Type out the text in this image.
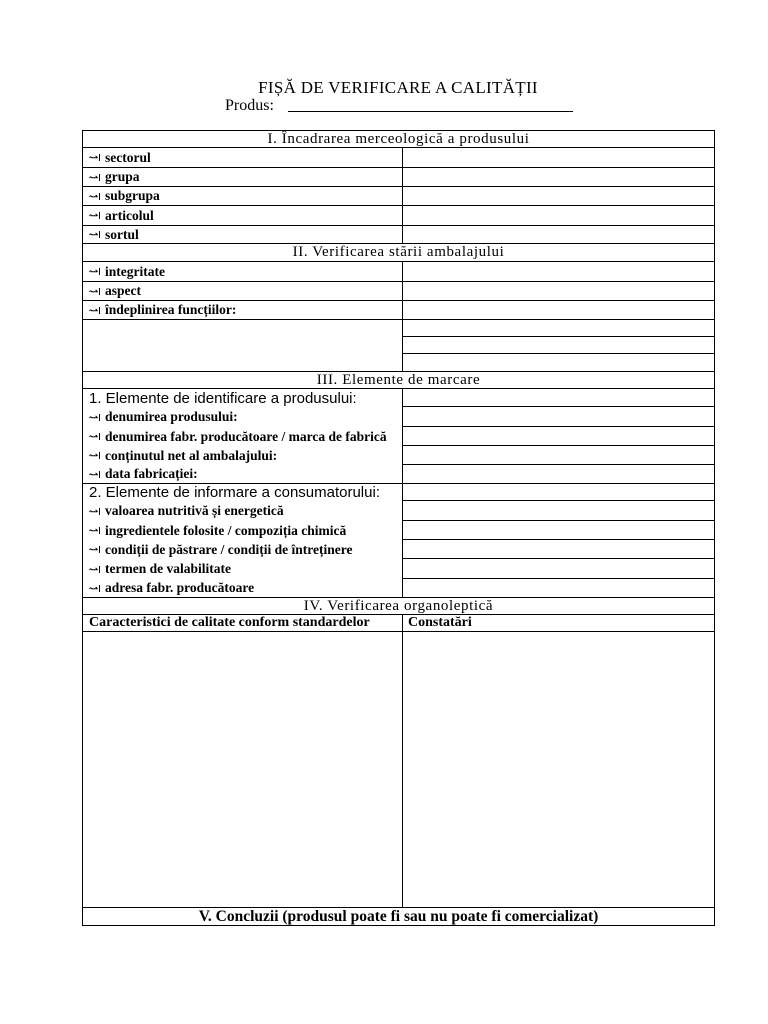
FIȘĂ DE VERIFICARE A CALITĂȚII
Produs:
I. Încadrarea merceologică a produsului
sectorul
grupa
subgrupa
articolul
sortul
II. Verificarea stării ambalajului
integritate
aspect
îndeplinirea funcțiilor:
III. Elemente de marcare
1. Elemente de identificare a produsului:
denumirea produsului:
denumirea fabr. producătoare / marca de fabrică
conținutul net al ambalajului:
data fabricației:
2. Elemente de informare a consumatorului:
valoarea nutritivă și energetică
ingredientele folosite / compoziția chimică
condiții de păstrare / condiții de întreținere
termen de valabilitate
adresa fabr. producătoare
IV. Verificarea organoleptică
Caracteristici de calitate conform standardelor	Constatări
V. Concluzii (produsul poate fi sau nu poate fi comercializat)
